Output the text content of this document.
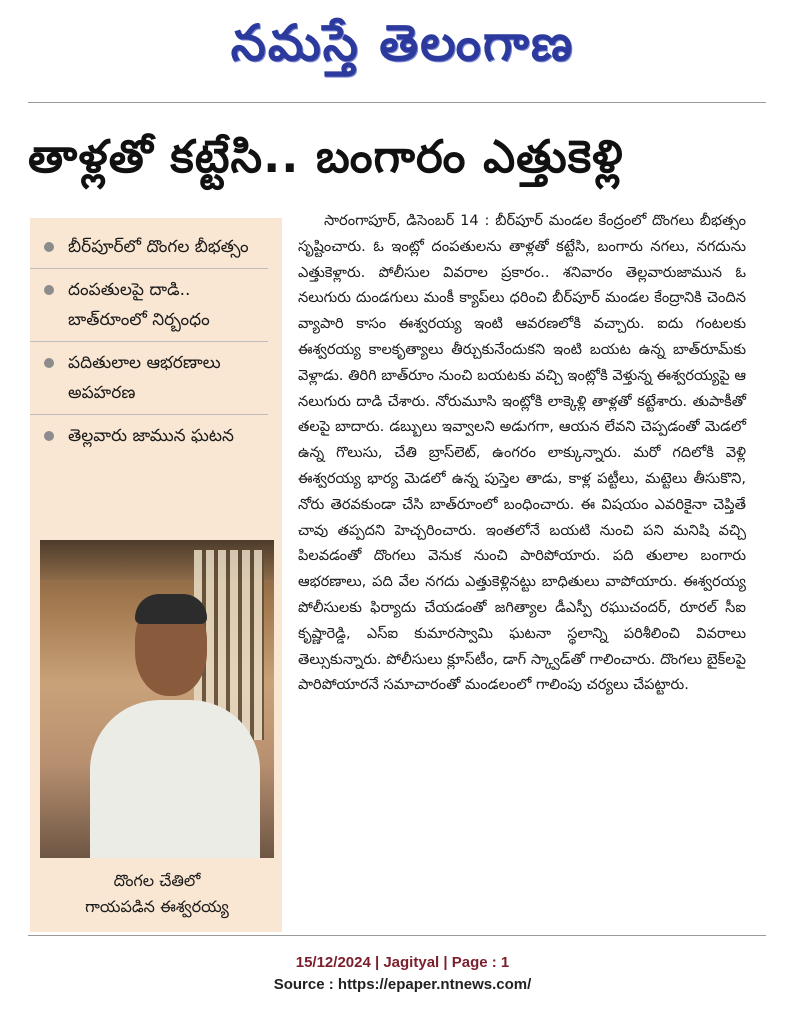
నమస్తే తెలంగాణ
తాళ్లతో కట్టేసి.. బంగారం ఎత్తుకెళ్లి
బీర్‌పూర్‌లో దొంగల బీభత్సం
దంపతులపై దాడి.. బాత్‌రూంలో నిర్బంధం
పదితులాల ఆభరణాలు అపహరణ
తెల్లవారు జామున ఘటన
దొంగల చేతిలో
గాయపడిన ఈశ్వరయ్య

సారంగాపూర్, డిసెంబర్ 14 : బీర్‌పూర్ మండల కేంద్రంలో దొంగలు బీభత్సం సృష్టించారు. ఓ ఇంట్లో దంపతులను తాళ్లతో కట్టేసి, బంగారు నగలు, నగదును ఎత్తుకెళ్లారు. పోలీసుల వివరాల ప్రకారం.. శనివారం తెల్లవారుజామున ఓ నలుగురు దుండగులు మంకీ క్యాప్‌లు ధరించి బీర్‌పూర్ మండల కేంద్రానికి చెందిన వ్యాపారి కాసం ఈశ్వరయ్య ఇంటి ఆవరణలోకి వచ్చారు. ఐదు గంటలకు ఈశ్వరయ్య కాలకృత్యాలు తీర్చుకునేందుకని ఇంటి బయట ఉన్న బాత్‌రూమ్‌కు వెళ్లాడు. తిరిగి బాత్‌రూం నుంచి బయటకు వచ్చి ఇంట్లోకి వెళ్తున్న ఈశ్వరయ్యపై ఆ నలుగురు దాడి చేశారు. నోరుమూసి ఇంట్లోకి లాక్కెళ్లి తాళ్లతో కట్టేశారు. తుపాకీతో తలపై బాదారు. డబ్బులు ఇవ్వాలని అడుగగా, ఆయన లేవని చెప్పడంతో మెడలో ఉన్న గొలుసు, చేతి బ్రాస్‌లెట్, ఉంగరం లాక్కున్నారు. మరో గదిలోకి వెళ్లి ఈశ్వరయ్య భార్య మెడలో ఉన్న పుస్తెల తాడు, కాళ్ల పట్టీలు, మట్టెలు తీసుకొని, నోరు తెరవకుండా చేసి బాత్‌రూంలో బంధించారు. ఈ విషయం ఎవరికైనా చెప్తితే చావు తప్పదని హెచ్చరించారు. ఇంతలోనే బయటి నుంచి పని మనిషి వచ్చి పిలవడంతో దొంగలు వెనుక నుంచి పారిపోయారు. పది తులాల బంగారు ఆభరణాలు, పది వేల నగదు ఎత్తుకెళ్లినట్టు బాధితులు వాపోయారు. ఈశ్వరయ్య పోలీసులకు ఫిర్యాదు చేయడంతో జగిత్యాల డీఎస్పీ రఘుచందర్, రూరల్ సీఐ కృష్ణారెడ్డి, ఎస్ఐ కుమారస్వామి ఘటనా స్థలాన్ని పరిశీలించి వివరాలు తెల్సుకున్నారు. పోలీసులు క్లూస్‌టీం, డాగ్ స్క్వాడ్‌తో గాలించారు. దొంగలు బైక్‌లపై పారిపోయారనే సమాచారంతో మండలంలో గాలింపు చర్యలు చేపట్టారు.

15/12/2024 | Jagityal | Page : 1
Source : https://epaper.ntnews.com/
